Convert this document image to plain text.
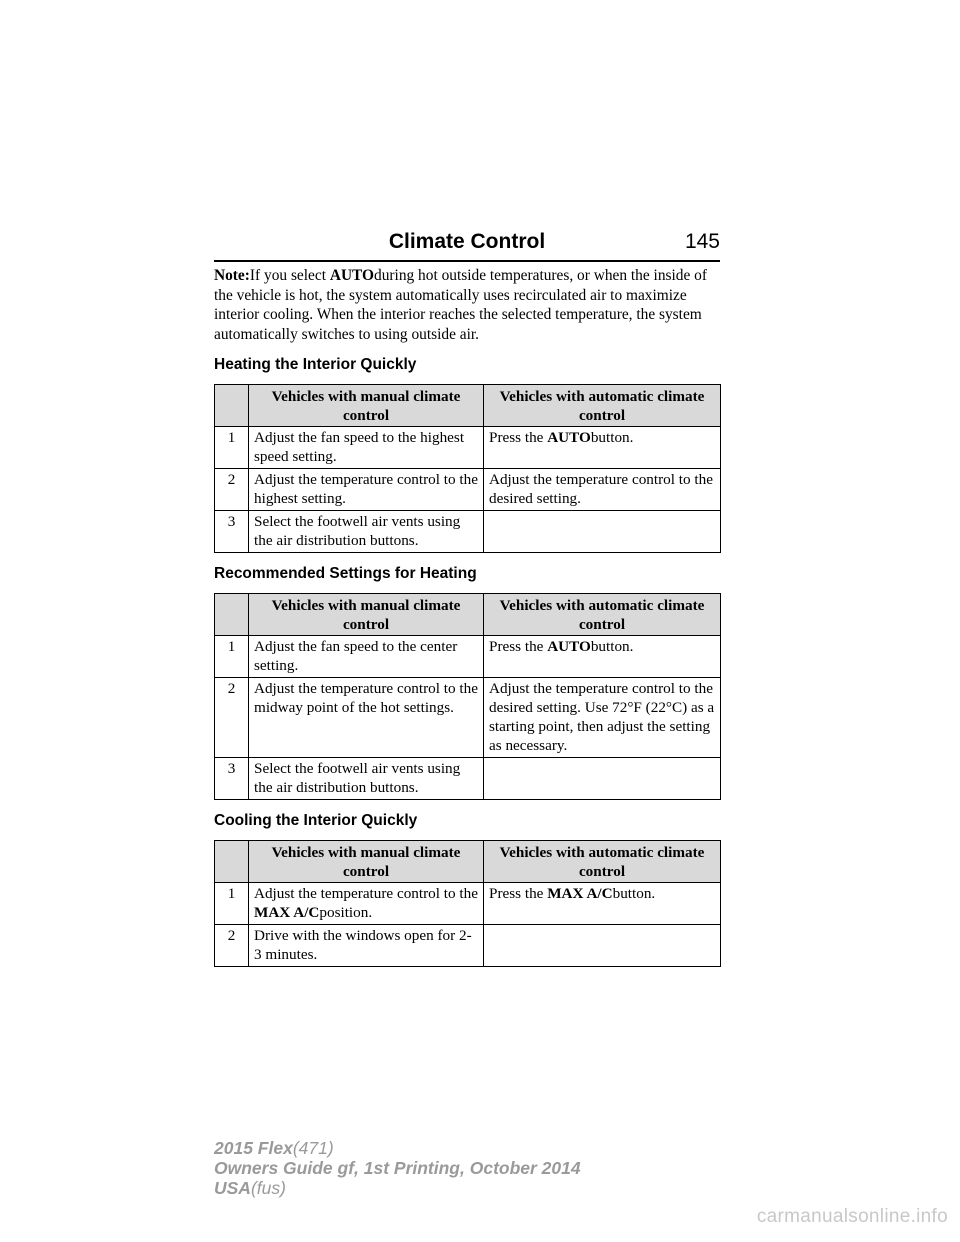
Climate Control	145

Note:If you select AUTOduring hot outside temperatures, or when the inside of the vehicle is hot, the system automatically uses recirculated air to maximize interior cooling. When the interior reaches the selected temperature, the system automatically switches to using outside air.

Heating the Interior Quickly
	Vehicles with manual climate control	Vehicles with automatic climate control
1	Adjust the fan speed to the highest speed setting.	Press the AUTObutton.
2	Adjust the temperature control to the highest setting.	Adjust the temperature control to the desired setting.
3	Select the footwell air vents using the air distribution buttons.	
Recommended Settings for Heating
	Vehicles with manual climate control	Vehicles with automatic climate control
1	Adjust the fan speed to the center setting.	Press the AUTObutton.
2	Adjust the temperature control to the midway point of the hot settings.	Adjust the temperature control to the desired setting. Use 72°F (22°C) as a starting point, then adjust the setting as necessary.
3	Select the footwell air vents using the air distribution buttons.	
Cooling the Interior Quickly
	Vehicles with manual climate control	Vehicles with automatic climate control
1	Adjust the temperature control to the MAX A/Cposition.	Press the MAX A/Cbutton.
2	Drive with the windows open for 2-3 minutes.	
2015 Flex(471)
Owners Guide gf, 1st Printing, October 2014
USA(fus)
carmanualsonline.info
